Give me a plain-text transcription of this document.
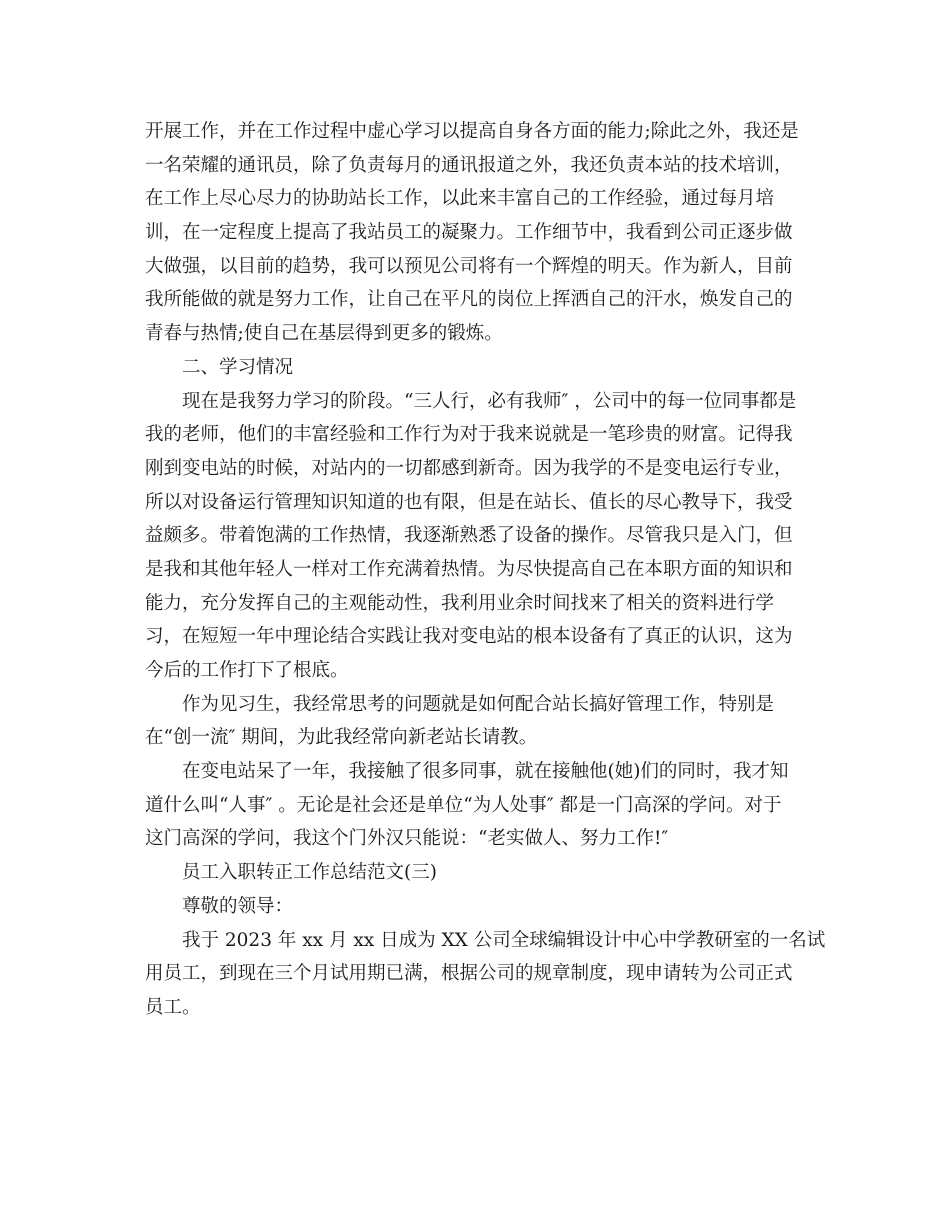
开展工作，并在工作过程中虚心学习以提高自身各方面的能力;除此之外，我还是
一名荣耀的通讯员，除了负责每月的通讯报道之外，我还负责本站的技术培训，
在工作上尽心尽力的协助站长工作，以此来丰富自己的工作经验，通过每月培
训，在一定程度上提高了我站员工的凝聚力。工作细节中，我看到公司正逐步做
大做强，以目前的趋势，我可以预见公司将有一个辉煌的明天。作为新人，目前
我所能做的就是努力工作，让自己在平凡的岗位上挥洒自己的汗水，焕发自己的
青春与热情;使自己在基层得到更多的锻炼。
二、学习情况
现在是我努力学习的阶段。“三人行，必有我师″ ，公司中的每一位同事都是
我的老师，他们的丰富经验和工作行为对于我来说就是一笔珍贵的财富。记得我
刚到变电站的时候，对站内的一切都感到新奇。因为我学的不是变电运行专业，
所以对设备运行管理知识知道的也有限，但是在站长、值长的尽心教导下，我受
益颇多。带着饱满的工作热情，我逐渐熟悉了设备的操作。尽管我只是入门，但
是我和其他年轻人一样对工作充满着热情。为尽快提高自己在本职方面的知识和
能力，充分发挥自己的主观能动性，我利用业余时间找来了相关的资料进行学
习，在短短一年中理论结合实践让我对变电站的根本设备有了真正的认识，这为
今后的工作打下了根底。
作为见习生，我经常思考的问题就是如何配合站长搞好管理工作，特别是
在“创一流″ 期间，为此我经常向新老站长请教。
在变电站呆了一年，我接触了很多同事，就在接触他(她)们的同时，我才知
道什么叫“人事″ 。无论是社会还是单位“为人处事″ 都是一门高深的学问。对于
这门高深的学问，我这个门外汉只能说：“老实做人、努力工作!″
员工入职转正工作总结范文(三)
尊敬的领导：
我于 2023 年 xx 月 xx 日成为 XX 公司全球编辑设计中心中学教研室的一名试
用员工，到现在三个月试用期已满，根据公司的规章制度，现申请转为公司正式
员工。
